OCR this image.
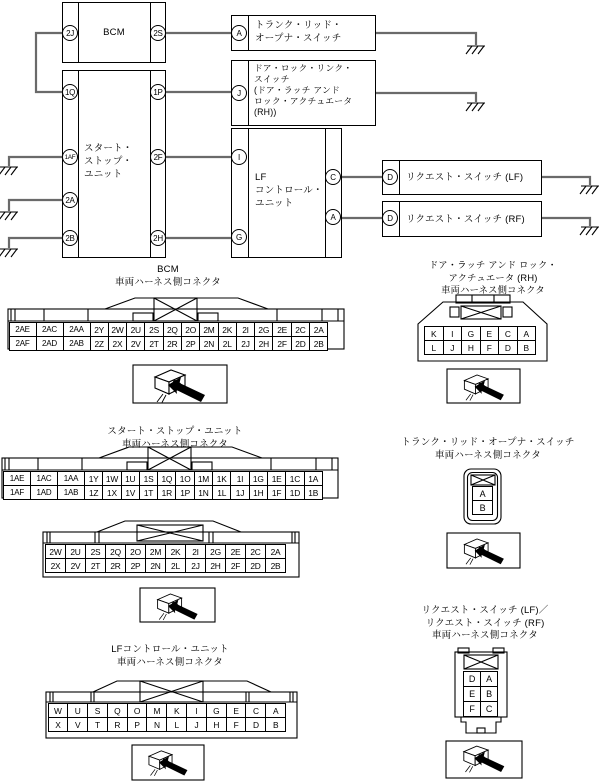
BCM
スタート・
ストップ・
ユニット
トランク・リッド・
オープナ・スイッチ
ドア・ロック・リンク・
スイッチ
(ドア・ラッチ アンド
ロック・アクチュエータ
(RH))
LF
コントロール・
ユニット
リクエスト・スイッチ (LF)
リクエスト・スイッチ (RF)
2J	2S
1Q	1P
1AF	2F
2A
2B	2H
A
J
I
G
C
A
D
D
BCM
車両ハーネス側コネクタ
ドア・ラッチ アンド ロック・
アクチュエータ (RH)
車両ハーネス側コネクタ
スタート・ストップ・ユニット
車両ハーネス側コネクタ	トランク・リッド・オープナ・スイッチ
車両ハーネス側コネクタ
LFコントロール・ユニット
車両ハーネス側コネクタ
リクエスト・スイッチ (LF)／
リクエスト・スイッチ (RF)
車両ハーネス側コネクタ
2AE	2AC	2AA	2Y 2W 2U 2S 2Q 2O 2M 2K	2I	2G 2E 2C 2A
2AF	2AD	2AB	2Z	2X	2V	2T	2R 2P 2N	2L	2J	2H	2F	2D 2B
K	I	G	E	C	A
L	J	H	F	D	B
1AE	1AC	1AA	1Y 1W 1U 1S 1Q 1O 1M 1K	1I	1G 1E 1C 1A
1AF	1AD	1AB	1Z	1X	1V	1T	1R 1P 1N	1L	1J	1H	1F	1D 1B
2W	2U	2S	2Q	2O	2M	2K	2I	2G	2E	2C	2A
2X	2V	2T	2R	2P	2N	2L	2J	2H	2F	2D	2B
A
B
W	U	S	Q	O	M	K	I	G	E	C	A
X	V	T	R	P	N	L	J	H	F	D	B
D	A
E	B
F	C
